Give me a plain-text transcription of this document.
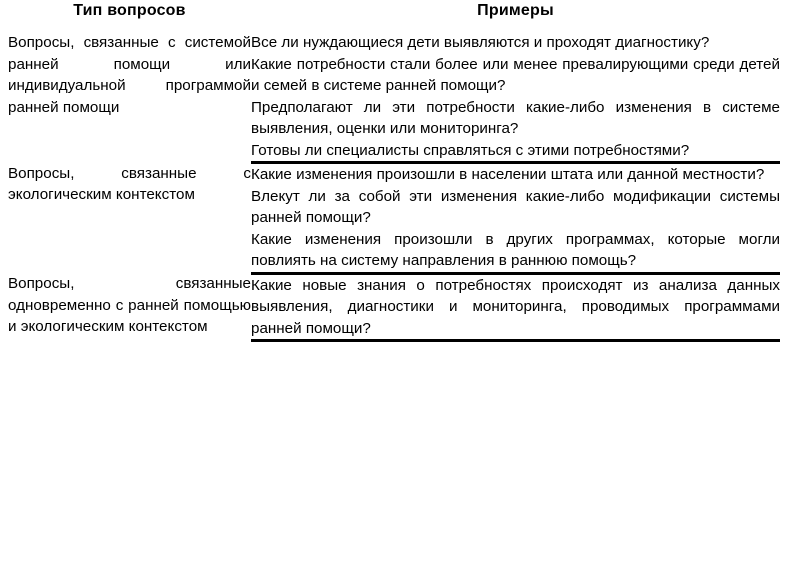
Тип вопросов	Примеры

Вопросы, связанные с системой ранней помощи или индивидуальной программой ранней помощи	Все ли нуждающиеся дети выявляются и проходят диагностику?

	Какие потребности стали более или менее превалирующими среди детей и семей в системе ранней помощи?

	Предполагают ли эти потребности какие-либо изменения в системе выявления, оценки или мониторинга?

	Готовы ли специалисты справляться с этими потребностями?

Вопросы, связанные с экологическим контекстом	Какие изменения произошли в населении штата или данной местности?

	Влекут ли за собой эти изменения какие-либо модификации системы ранней помощи?

	Какие изменения произошли в других программах, которые могли повлиять на систему направления в раннюю помощь?

Вопросы, связанные одновременно с ранней помощью и экологическим контекстом	Какие новые знания о потребностях происходят из анализа данных выявления, диагностики и мониторинга, проводимых программами ранней помощи?
